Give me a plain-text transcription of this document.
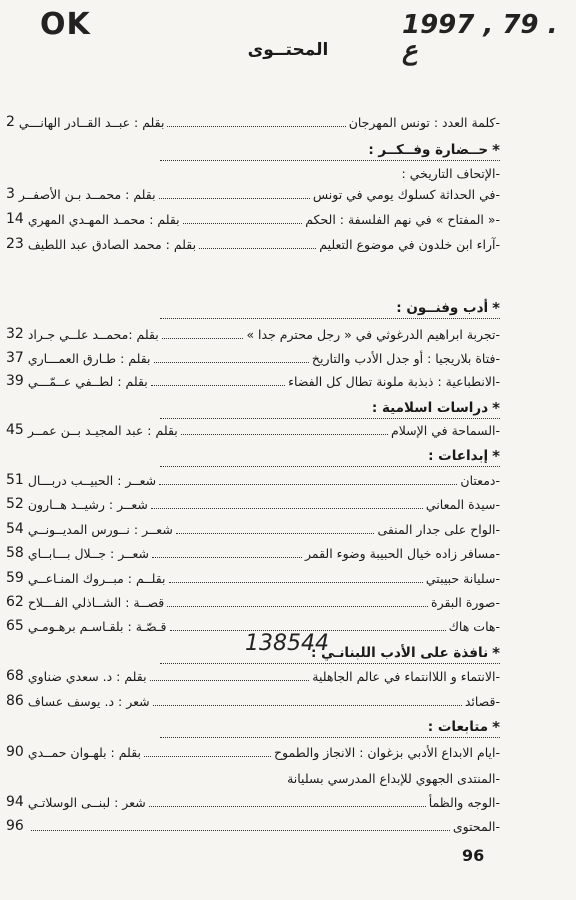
OK	1997 , 79 . ع
المحتــوى
-
كلمة العدد : تونس المهرجان
بقلم : عبــد القــادر الهانـــي
2
*
حــضارة وفــكــر :
-
الإتحاف التاريخي :
-
في الحداثة كسلوك يومي في تونس
بقلم : محمــد بـن الأصفــر
3
-
« المفتاح » في نهم الفلسفة : الحكم
بقلم : محمـد المهـدي المهري
14
-
آراء ابن خلدون في موضوع التعليم
بقلم : محمد الصادق عبد اللطيف
23
*
أدب وفنــون :
-
تجربة ابراهيم الدرغوثي في « رجل محترم جدا »
بقلم :محمــد علــي جـراد
32
-
فتاة بلاريجيا : أو جدل الأدب والتاريخ
بقلم : طـارق العمـــاري
37
-
الانطباعية : ذبذبة ملونة تطال كل الفضاء
بقلم : لطــفي عــمّـــي
39
*
دراسات اسلامية :
-
السماحة في الإسلام
بقلم : عبد المجيـد بــن عمــر
45
*
إبداعات :
-
دمعتان
شعــر : الحبيــب دربـــال
51
-
سيدة المعاني
شعــر : رشيــد هــارون
52
-
الواح على جدار المنفى
شعــر : نــورس المديــونــي
54
-
مسافر زاده خيال الحبيبة وضوء القمر
شعــر : جــلال بـــابــاي
58
-
سليانة حبيبتي
بقلــم : مبــروك المنـاعــي
59
-
صورة البقرة
قصــة : الشــاذلي الفـــلاح
62
-
هات هاك
قـصّـة : بلقـاسـم برهـومـي
65
*
نافذة على الأدب اللبنانـي :
-
الانتماء و اللاانتماء في عالم الجاهلية
بقلم : د. سعدي ضناوي
68
-
قصائد
شعر : د. يوسف عساف
86
*
متابعات :
-
ايام الابداع الأدبي بزغوان : الانجاز والطموح
بقلم : بلهـوان حمــدي
90
-
المنتدى الجهوي للإبداع المدرسي بسليانة
-
الوجه والظمأ
شعر : لبنــى الوسلاتـي
94
-
المحتوى
96
138544
96
